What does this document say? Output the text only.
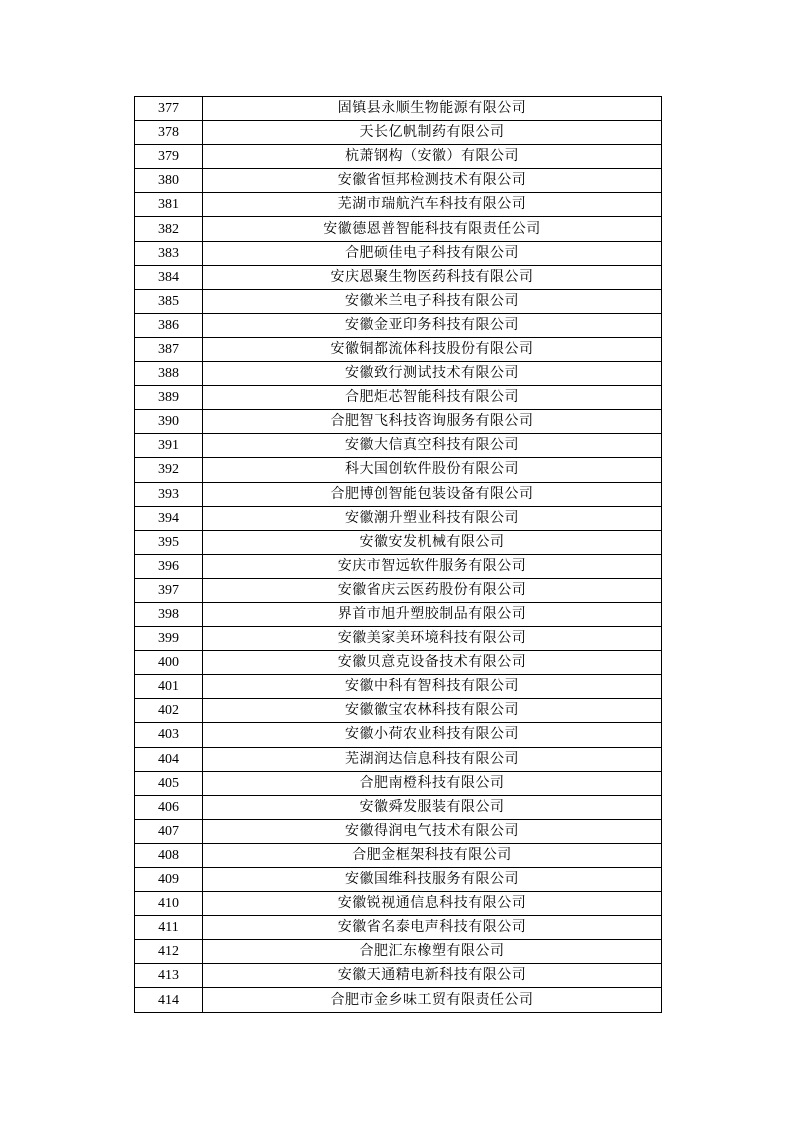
377	固镇县永顺生物能源有限公司
378	天长亿帆制药有限公司
379	杭萧钢构（安徽）有限公司
380	安徽省恒邦检测技术有限公司
381	芜湖市瑞航汽车科技有限公司
382	安徽德恩普智能科技有限责任公司
383	合肥硕佳电子科技有限公司
384	安庆恩聚生物医药科技有限公司
385	安徽米兰电子科技有限公司
386	安徽金亚印务科技有限公司
387	安徽铜都流体科技股份有限公司
388	安徽致行测试技术有限公司
389	合肥炬芯智能科技有限公司
390	合肥智飞科技咨询服务有限公司
391	安徽大信真空科技有限公司
392	科大国创软件股份有限公司
393	合肥博创智能包装设备有限公司
394	安徽潮升塑业科技有限公司
395	安徽安发机械有限公司
396	安庆市智远软件服务有限公司
397	安徽省庆云医药股份有限公司
398	界首市旭升塑胶制品有限公司
399	安徽美家美环境科技有限公司
400	安徽贝意克设备技术有限公司
401	安徽中科有智科技有限公司
402	安徽徽宝农林科技有限公司
403	安徽小荷农业科技有限公司
404	芜湖润达信息科技有限公司
405	合肥南橙科技有限公司
406	安徽舜发服装有限公司
407	安徽得润电气技术有限公司
408	合肥金框架科技有限公司
409	安徽国维科技服务有限公司
410	安徽锐视通信息科技有限公司
411	安徽省名泰电声科技有限公司
412	合肥汇东橡塑有限公司
413	安徽天通精电新科技有限公司
414	合肥市金乡味工贸有限责任公司
